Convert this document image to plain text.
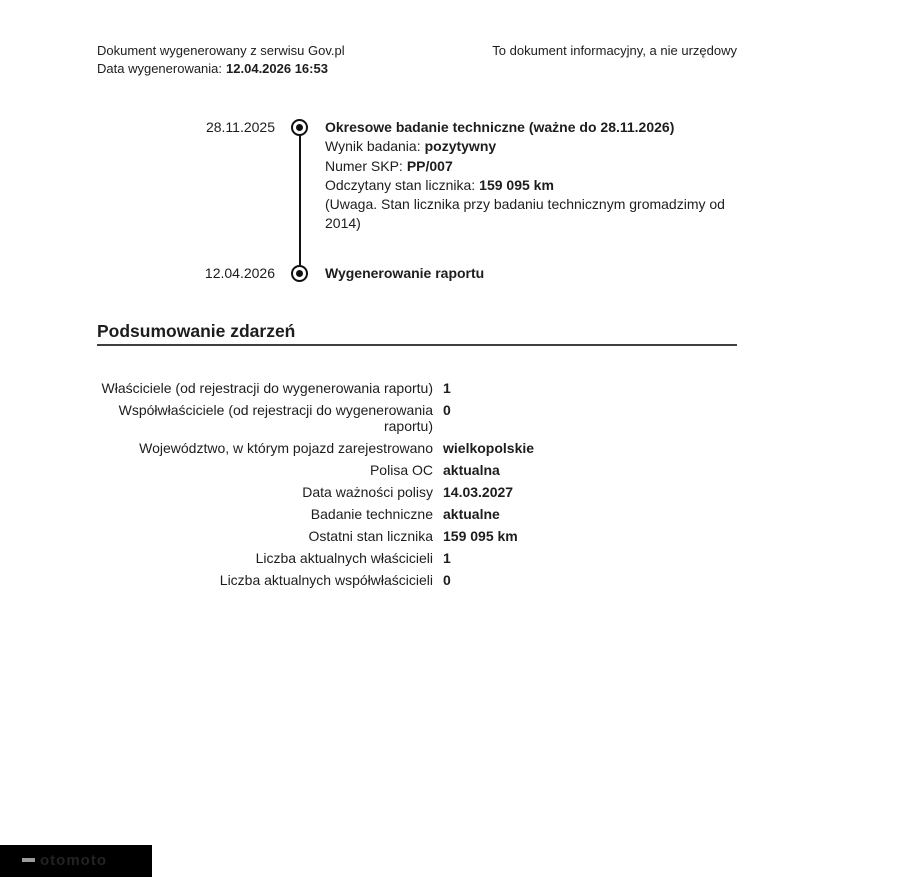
Dokument wygenerowany z serwisu Gov.pl
Data wygenerowania: 12.04.2026 16:53
To dokument informacyjny, a nie urzędowy
28.11.2025	Okresowe badanie techniczne (ważne do 28.11.2026)
Wynik badania: pozytywny
Numer SKP: PP/007
Odczytany stan licznika: 159 095 km
(Uwaga. Stan licznika przy badaniu technicznym gromadzimy od 2014)
12.04.2026	Wygenerowanie raportu
Podsumowanie zdarzeń
Właściciele (od rejestracji do wygenerowania raportu) 1
Współwłaściciele (od rejestracji do wygenerowania raportu)
0
Województwo, w którym pojazd zarejestrowano wielkopolskie
Polisa OC aktualna
Data ważności polisy 14.03.2027
Badanie techniczne aktualne
Ostatni stan licznika 159 095 km
Liczba aktualnych właścicieli 1
Liczba aktualnych współwłaścicieli 0
otomoto
